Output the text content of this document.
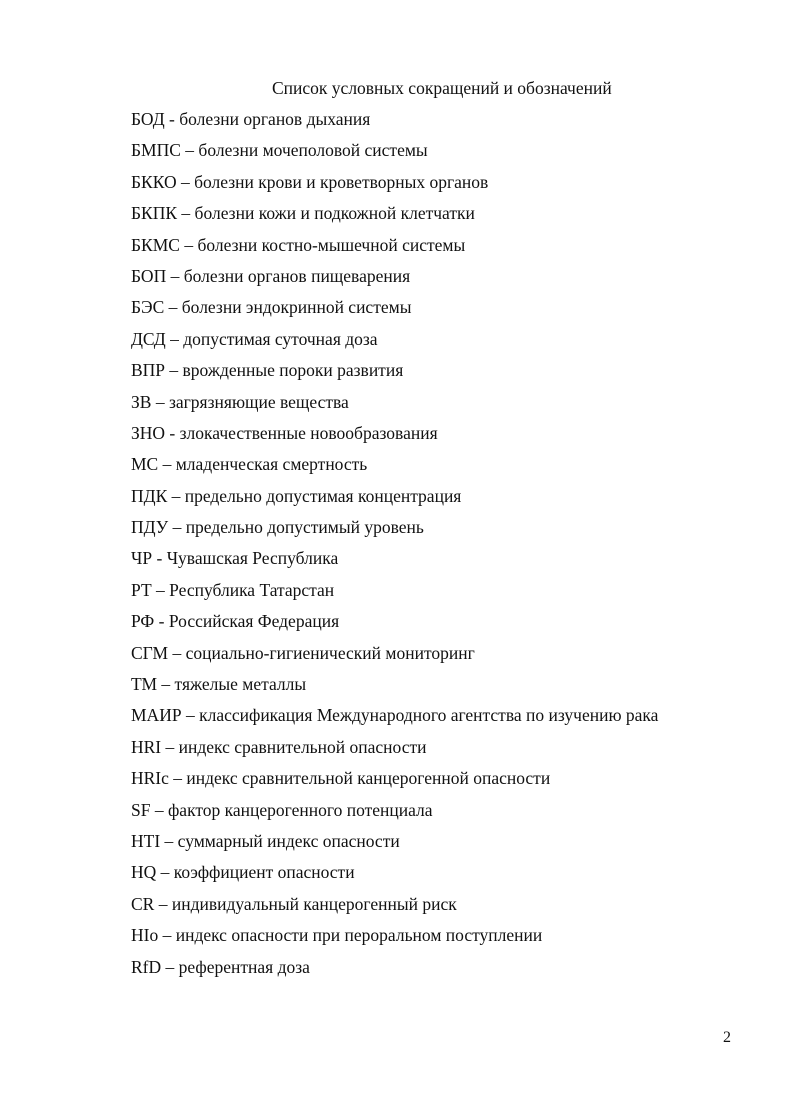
Список условных сокращений и обозначений
БОД - болезни органов дыхания
БМПС – болезни мочеполовой системы
БККО – болезни крови и кроветворных органов
БКПК – болезни кожи и подкожной клетчатки
БКМС – болезни костно-мышечной системы
БОП – болезни органов пищеварения
БЭС – болезни эндокринной системы
ДСД – допустимая суточная доза
ВПР – врожденные пороки развития
ЗВ – загрязняющие вещества
ЗНО - злокачественные новообразования
МС – младенческая смертность
ПДК – предельно допустимая концентрация
ПДУ – предельно допустимый уровень
ЧР - Чувашская Республика
РТ – Республика Татарстан
РФ - Российская Федерация
СГМ – социально-гигиенический мониторинг
ТМ – тяжелые металлы
МАИР – классификация Международного агентства по изучению рака
HRI – индекс сравнительной опасности
HRIc – индекс сравнительной канцерогенной опасности
SF – фактор канцерогенного потенциала
HTI – суммарный индекс опасности
HQ – коэффициент опасности
CR – индивидуальный канцерогенный риск
HIo – индекс опасности при пероральном поступлении
RfD – референтная доза
2
